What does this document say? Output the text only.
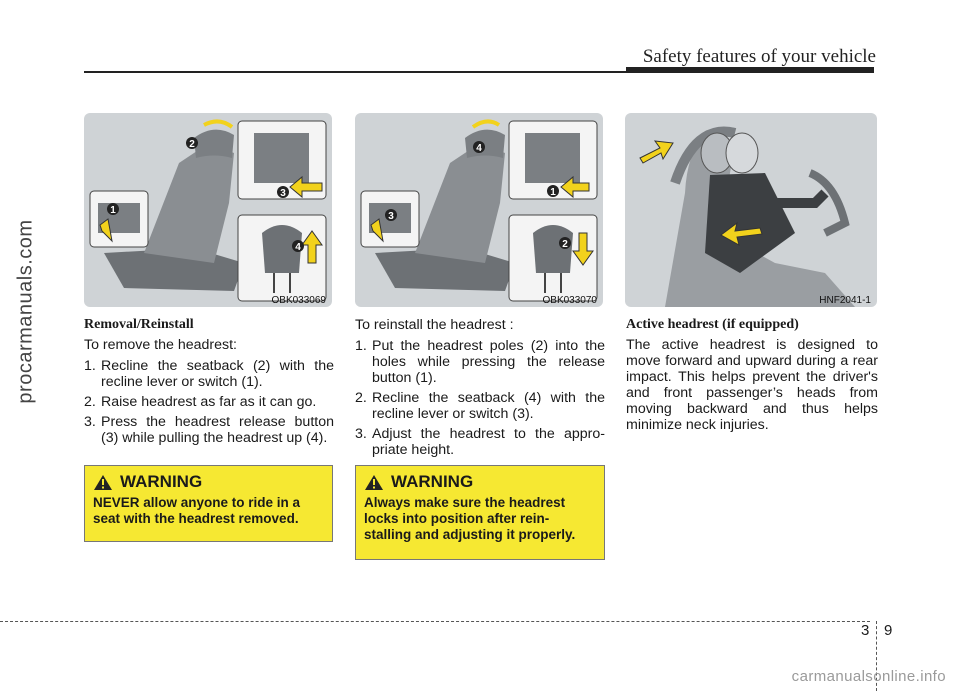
Safety features of your vehicle
procarmanuals.com
1
2
3
4
OBK033069
1
2
3
4
OBK033070	HNF2041-1
Removal/Reinstall

To remove the headrest:

1. Recline the seatback (2) with the recline lever or switch (1).
2. Raise headrest as far as it can go.
3. Press the headrest release button (3) while pulling the headrest up (4).

To reinstall the headrest :

1. Put the headrest poles (2) into the holes while pressing the release button (1).
2. Recline the seatback (4) with the recline lever or switch (3).
3. Adjust the headrest to the appro-priate height.
Active headrest (if equipped)

The active headrest is designed to move forward and upward during a rear impact. This helps prevent the driver's and front passenger’s heads from moving backward and thus helps minimize neck injuries.

WARNING
NEVER allow anyone to ride in a seat with the headrest removed.
WARNING
Always make sure the headrest locks into position after rein-stalling and adjusting it properly.
3 9
carmanualsonline.info
